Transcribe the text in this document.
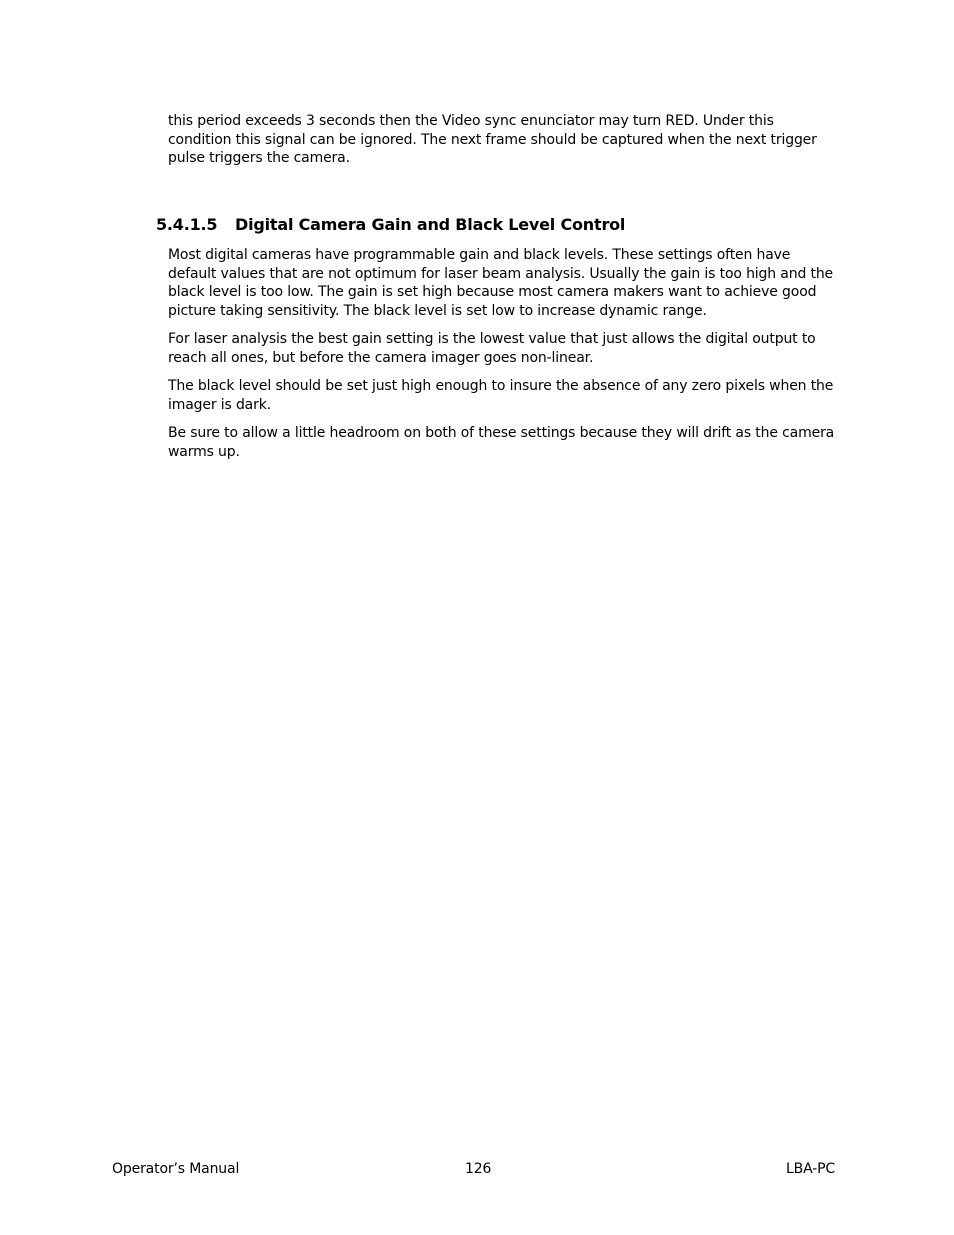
this period exceeds 3 seconds then the Video sync enunciator may turn RED. Under this
condition this signal can be ignored. The next frame should be captured when the next trigger
pulse triggers the camera.

5.4.1.5 Digital Camera Gain and Black Level Control

Most digital cameras have programmable gain and black levels. These settings often have
default values that are not optimum for laser beam analysis. Usually the gain is too high and the
black level is too low. The gain is set high because most camera makers want to achieve good
picture taking sensitivity. The black level is set low to increase dynamic range.

For laser analysis the best gain setting is the lowest value that just allows the digital output to
reach all ones, but before the camera imager goes non-linear.

The black level should be set just high enough to insure the absence of any zero pixels when the
imager is dark.

Be sure to allow a little headroom on both of these settings because they will drift as the camera
warms up.

Operator’s Manual	126	LBA-PC
